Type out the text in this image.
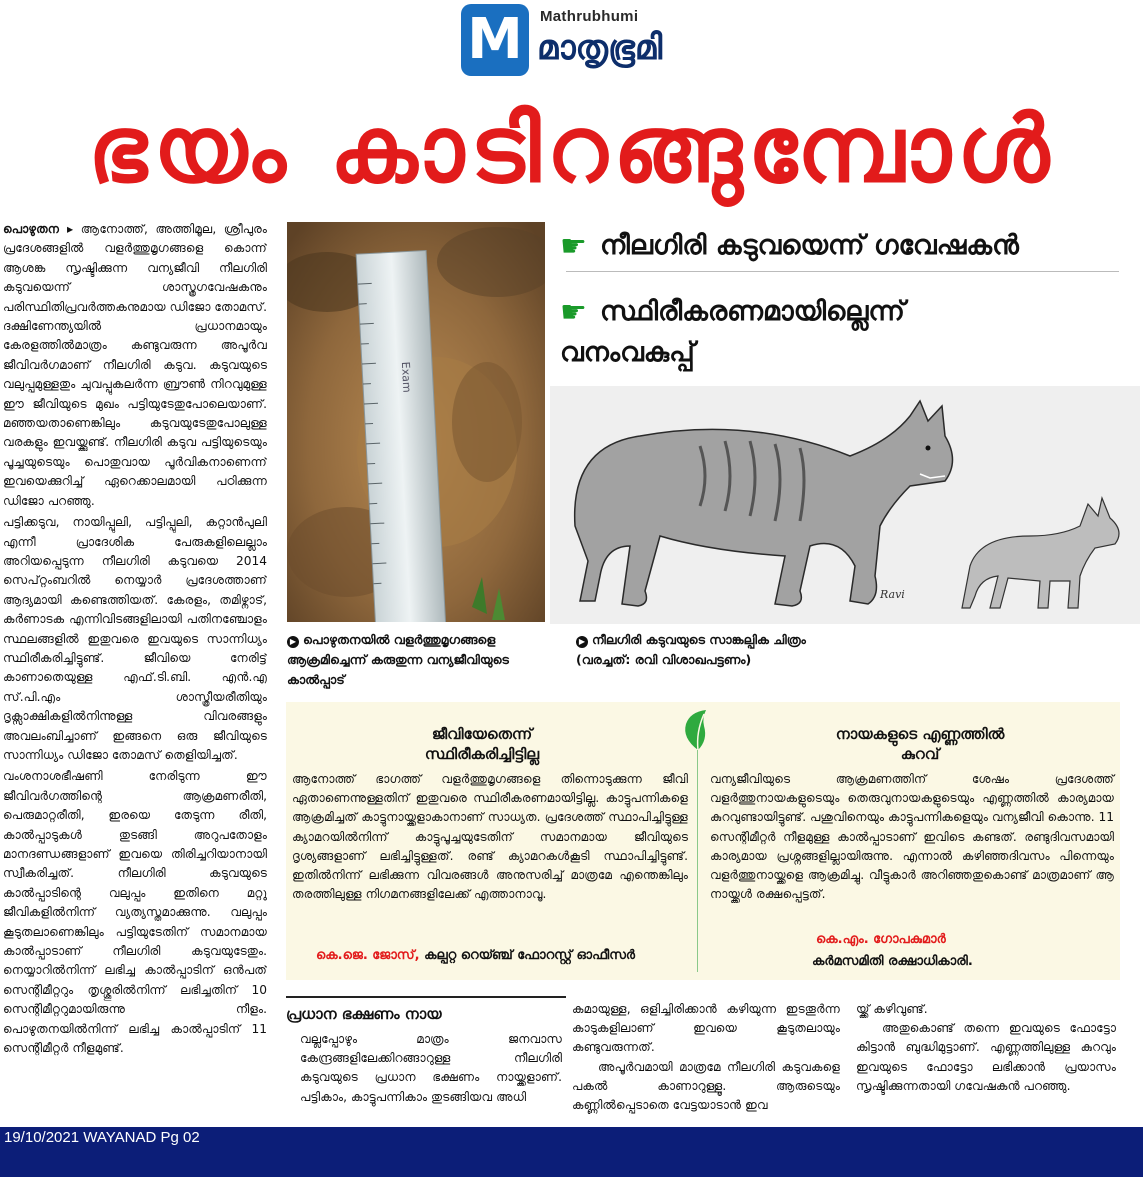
M	Mathrubhumi
മാതൃഭൂമി
ഭയം കാടിറങ്ങുമ്പോൾ

പൊഴുതന ▸ ആനോത്ത്, അത്തിമൂല, ശ്രീപുരം പ്രദേശങ്ങളിൽ വളർത്തുമൃഗങ്ങളെ കൊന്ന് ആശങ്ക സൃഷ്ടിക്കുന്ന വന്യജീവി നീലഗിരി കടുവയെന്ന് ശാസ്ത്രഗവേഷകനും പരിസ്ഥിതിപ്രവർത്തകനുമായ ഡിജോ തോമസ്. ദക്ഷിണേന്ത്യയിൽ പ്രധാനമായും കേരളത്തിൽമാത്രം കണ്ടുവരുന്ന അപൂർവ ജീവിവർഗമാണ് നീലഗിരി കടുവ. കടുവയുടെ വലുപ്പമുള്ളതും ചുവപ്പുകലർന്ന ബ്രൗൺ നിറവുമുള്ള ഈ ജീവിയുടെ മുഖം പട്ടിയുടേതുപോലെയാണ്. മഞ്ഞയതാണെങ്കിലും കടുവയുടേതുപോലുള്ള വരകളും ഇവയ്ക്കുണ്ട്. നീലഗിരി കടുവ പട്ടിയുടെയും പൂച്ചയുടെയും പൊതുവായ പൂർവികനാണെന്ന് ഇവയെക്കുറിച്ച് ഏറെക്കാലമായി പഠിക്കുന്ന ഡിജോ പറഞ്ഞു.

പട്ടിക്കടുവ, നായിപ്പുലി, പട്ടിപ്പുലി, കറ്റാൻപുലി എന്നീ പ്രാദേശിക പേരുകളിലെല്ലാം അറിയപ്പെടുന്ന നീലഗിരി കടുവയെ 2014 സെപ്റ്റംബറിൽ നെയ്യാർ പ്രദേശത്താണ് ആദ്യമായി കണ്ടെത്തിയത്. കേരളം, തമിഴ്നാട്, കർണാടക എന്നിവിടങ്ങളിലായി പതിനഞ്ചോളം സ്ഥലങ്ങളിൽ ഇതുവരെ ഇവയുടെ സാന്നിധ്യം സ്ഥിരീകരിച്ചിട്ടുണ്ട്. ജീവിയെ നേരിട്ട് കാണാതെയുള്ള എഫ്.ടി.ബി. എൻ.എ സ്.പി.എം ശാസ്ത്രീയരീതിയും ദൃക്സാക്ഷികളിൽനിന്നുള്ള വിവരങ്ങളും അവലംബിച്ചാണ് ഇങ്ങനെ ഒരു ജീവിയുടെ സാന്നിധ്യം ഡിജോ തോമസ് തെളിയിച്ചത്.

വംശനാശഭീഷണി നേരിടുന്ന ഈ ജീവിവർഗത്തിന്റെ ആക്രമണരീതി, പെരുമാറ്റരീതി, ഇരയെ തേടുന്ന രീതി, കാൽപ്പാടുകൾ തുടങ്ങി അറുപതോളം മാനദണ്ഡങ്ങളാണ് ഇവയെ തിരിച്ചറിയാനായി സ്വീകരിച്ചത്. നീലഗിരി കടുവയുടെ കാൽപ്പാടിന്റെ വലുപ്പം ഇതിനെ മറ്റു ജീവികളിൽനിന്ന് വ്യത്യസ്തമാക്കുന്നു. വലുപ്പം കൂടുതലാണെങ്കിലും പട്ടിയുടേതിന് സമാനമായ കാൽപ്പാടാണ് നീലഗിരി കടുവയുടേതും. നെയ്യാറിൽനിന്ന് ലഭിച്ച കാൽപ്പാടിന് ഒൻപത് സെന്റിമീറ്ററും തൃശ്ശൂരിൽനിന്ന് ലഭിച്ചതിന് 10 സെന്റിമീറ്ററുമായിരുന്നു നീളം. പൊഴുതനയിൽനിന്ന് ലഭിച്ച കാൽപ്പാടിന് 11 സെന്റിമീറ്റർ നീളമുണ്ട്.

Exam
▶ പൊഴുതനയിൽ വളർത്തുമൃഗങ്ങളെ ആക്രമിച്ചെന്ന് കരുതുന്ന വന്യജീവിയുടെ കാൽപ്പാട്
☛ നീലഗിരി കടുവയെന്ന് ഗവേഷകൻ
☛ സ്ഥിരീകരണമായില്ലെന്ന് വനംവകുപ്പ്
Ravi
▶ നീലഗിരി കടുവയുടെ സാങ്കല്പിക ചിത്രം
(വരച്ചത്: രവി വിശാഖപട്ടണം)
ജീവിയേതെന്ന് സ്ഥിരീകരിച്ചിട്ടില്ല
ആനോത്ത് ഭാഗത്ത് വളർത്തുമൃഗങ്ങളെ തിന്നൊടുക്കുന്ന ജീവി ഏതാണെന്നുള്ളതിന് ഇതുവരെ സ്ഥിരീകരണമായിട്ടില്ല. കാട്ടുപന്നികളെ ആക്രമിച്ചത് കാട്ടുനായ്ക്കളാകാനാണ് സാധ്യത. പ്രദേശത്ത് സ്ഥാപിച്ചിട്ടുള്ള ക്യാമറയിൽനിന്ന് കാട്ടുപൂച്ചയുടേതിന് സമാനമായ ജീവിയുടെ ദൃശ്യങ്ങളാണ് ലഭിച്ചിട്ടുള്ളത്. രണ്ട് ക്യാമറകൾകൂടി സ്ഥാപിച്ചിട്ടുണ്ട്. ഇതിൽനിന്ന് ലഭിക്കുന്ന വിവരങ്ങൾ അനുസരിച്ച് മാത്രമേ എന്തെങ്കിലും തരത്തിലുള്ള നിഗമനങ്ങളിലേക്ക് എത്താനാവൂ.
കെ.ജെ. ജോസ്, കല്പറ്റ റെയ്ഞ്ച് ഫോറസ്റ്റ് ഓഫീസർ
നായകളുടെ എണ്ണത്തിൽ കുറവ്
വന്യജീവിയുടെ ആക്രമണത്തിന് ശേഷം പ്രദേശത്ത് വളർത്തുനായകളുടെയും തെരുവുനായകളുടെയും എണ്ണത്തിൽ കാര്യമായ കുറവുണ്ടായിട്ടുണ്ട്. പശുവിനെയും കാട്ടുപന്നികളെയും വന്യജീവി കൊന്നു. 11 സെന്റിമീറ്റർ നീളമുള്ള കാൽപ്പാടാണ് ഇവിടെ കണ്ടത്. രണ്ടുദിവസമായി കാര്യമായ പ്രശ്നങ്ങളില്ലായിരുന്നു. എന്നാൽ കഴിഞ്ഞദിവസം പിന്നെയും വളർത്തുനായ്ക്കളെ ആക്രമിച്ചു. വീട്ടുകാർ അറിഞ്ഞതുകൊണ്ട് മാത്രമാണ് ആ നായ്ക്കൾ രക്ഷപ്പെട്ടത്.
കെ.എം. ഗോപകുമാർ
കർമസമിതി രക്ഷാധികാരി.
പ്രധാന ഭക്ഷണം നായ
വല്ലപ്പോഴും മാത്രം ജനവാസ കേന്ദ്രങ്ങളിലേക്കിറങ്ങാറുള്ള നീലഗിരി കടുവയുടെ പ്രധാന ഭക്ഷണം നായ്ക്കളാണ്. പട്ടികാം, കാട്ടുപന്നികാം തുടങ്ങിയവ അധി

കമായുള്ള, ഒളിച്ചിരിക്കാൻ കഴിയുന്ന ഇടതൂർന്ന കാടുകളിലാണ് ഇവയെ കൂടുതലായും കണ്ടുവരുന്നത്.

അപൂർവമായി മാത്രമേ നീലഗിരി കടുവകളെ പകൽ കാണാറുള്ളൂ. ആരുടെയും കണ്ണിൽപ്പെടാതെ വേട്ടയാടാൻ ഇവ

യ്ക്ക് കഴിവുണ്ട്.

അതുകൊണ്ട് തന്നെ ഇവയുടെ ഫോട്ടോ കിട്ടാൻ ബുദ്ധിമുട്ടാണ്. എണ്ണത്തിലുള്ള കുറവും ഇവയുടെ ഫോട്ടോ ലഭിക്കാൻ പ്രയാസം സൃഷ്ടിക്കുന്നതായി ഗവേഷകൻ പറഞ്ഞു.

19/10/2021 WAYANAD Pg 02
